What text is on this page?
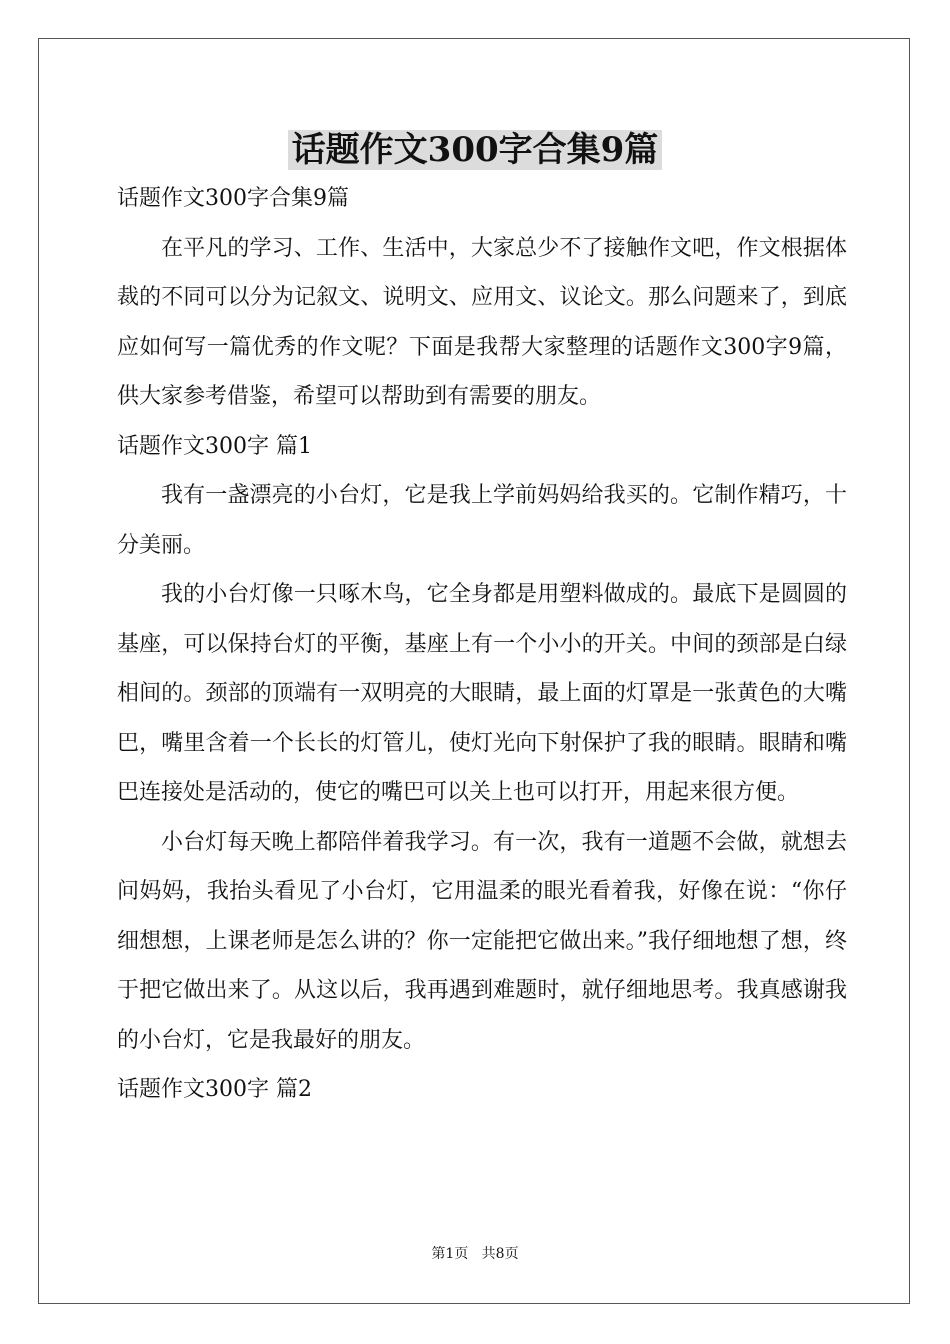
话题作文300字合集9篇

话题作文300字合集9篇

在平凡的学习、工作、生活中，大家总少不了接触作文吧，作文根据体裁的不同可以分为记叙文、说明文、应用文、议论文。那么问题来了，到底应如何写一篇优秀的作文呢？下面是我帮大家整理的话题作文300字9篇，供大家参考借鉴，希望可以帮助到有需要的朋友。

话题作文300字 篇1

我有一盏漂亮的小台灯，它是我上学前妈妈给我买的。它制作精巧，十分美丽。

我的小台灯像一只啄木鸟，它全身都是用塑料做成的。最底下是圆圆的基座，可以保持台灯的平衡，基座上有一个小小的开关。中间的颈部是白绿相间的。颈部的顶端有一双明亮的大眼睛，最上面的灯罩是一张黄色的大嘴巴，嘴里含着一个长长的灯管儿，使灯光向下射保护了我的眼睛。眼睛和嘴巴连接处是活动的，使它的嘴巴可以关上也可以打开，用起来很方便。

小台灯每天晚上都陪伴着我学习。有一次，我有一道题不会做，就想去问妈妈，我抬头看见了小台灯，它用温柔的眼光看着我，好像在说：“你仔细想想，上课老师是怎么讲的？你一定能把它做出来。”我仔细地想了想，终于把它做出来了。从这以后，我再遇到难题时，就仔细地思考。我真感谢我的小台灯，它是我最好的朋友。

话题作文300字 篇2

第1页   共8页
